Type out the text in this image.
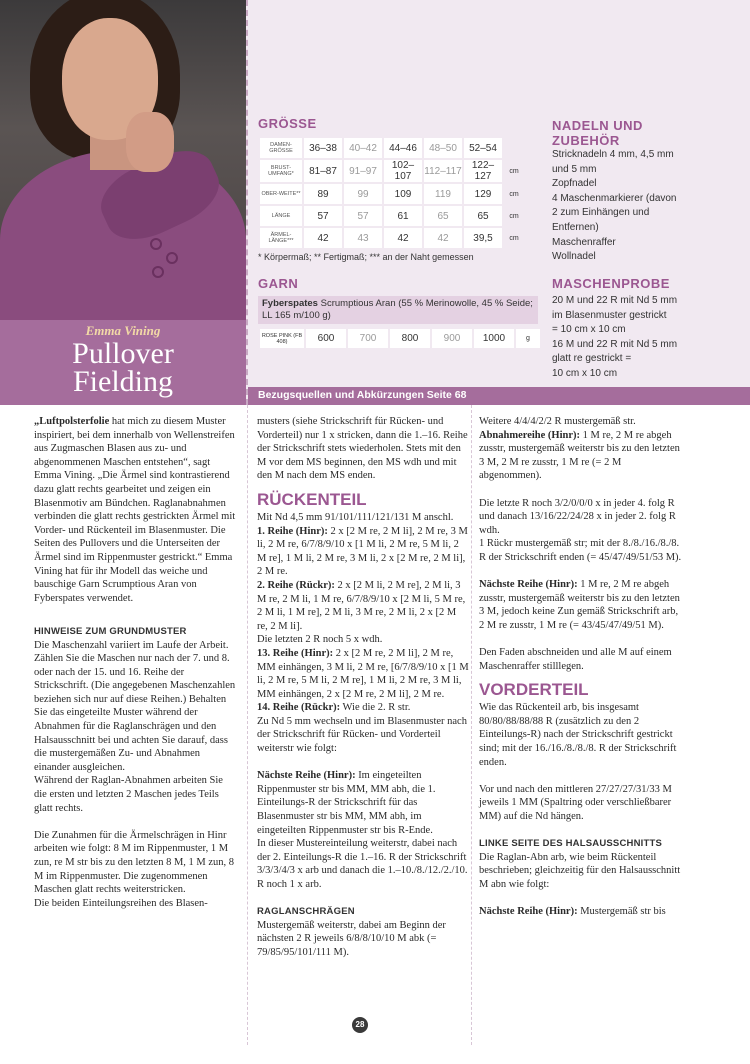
Emma Vining
Pullover
Fielding
GRÖSSE
DAMEN-GRÖSSE	36–38	40–42	44–46	48–50	52–54	
BRUST-UMFANG*	81–87	91–97	102–107	112–117	122–127	cm
OBER-WEITE**	89	99	109	119	129	cm
LÄNGE	57	57	61	65	65	cm
ÄRMEL-LÄNGE***	42	43	42	42	39,5	cm
* Körpermaß; ** Fertigmaß; *** an der Naht gemessen
GARN
Fyberspates Scrumptious Aran (55 % Merinowolle, 45 % Seide; LL 165 m/100 g)
ROSE PINK (FB 408)	600	700	800	900	1000	g
NADELN UND
ZUBEHÖR
Stricknadeln 4 mm, 4,5 mm
und 5 mm
Zopfnadel
4 Maschenmarkierer (davon
2 zum Einhängen und
Entfernen)
Maschenraffer
Wollnadel
MASCHENPROBE
20 M und 22 R mit Nd 5 mm
im Blasenmuster gestrickt
= 10 cm x 10 cm
16 M und 22 R mit Nd 5 mm
glatt re gestrickt =
10 cm x 10 cm
Bezugsquellen und Abkürzungen Seite 68

„Luftpolsterfolie hat mich zu diesem Muster inspiriert, bei dem innerhalb von Wellenstreifen aus Zugmaschen Blasen aus zu- und abgenommenen Maschen entstehen“, sagt Emma Vining. „Die Ärmel sind kontrastierend dazu glatt rechts gearbeitet und zeigen ein Blasenmotiv am Bündchen. Raglanabnahmen verbinden die glatt rechts gestrickten Ärmel mit Vorder- und Rückenteil im Blasenmuster. Die Seiten des Pullovers und die Unterseiten der Ärmel sind im Rippenmuster gestrickt.“ Emma Vining hat für ihr Modell das weiche und bauschige Garn Scrumptious Aran von Fyberspates verwendet.

HINWEISE ZUM GRUNDMUSTER

Die Maschenzahl variiert im Laufe der Arbeit. Zählen Sie die Maschen nur nach der 7. und 8. oder nach der 15. und 16. Reihe der Strickschrift. (Die angegebenen Maschenzahlen beziehen sich nur auf diese Reihen.) Behalten Sie das eingeteilte Muster während der Abnahmen für die Raglanschrägen und den Halsausschnitt bei und achten Sie darauf, dass die mustergemäßen Zu- und Abnahmen einander ausgleichen.

Während der Raglan-Abnahmen arbeiten Sie die ersten und letzten 2 Maschen jedes Teils glatt rechts.

Die Zunahmen für die Ärmelschrägen in Hinr arbeiten wie folgt: 8 M im Rippenmuster, 1 M zun, re M str bis zu den letzten 8 M, 1 M zun, 8 M im Rippenmuster. Die zugenommenen Maschen glatt rechts weiterstricken.

Die beiden Einteilungsreihen des Blasen-

musters (siehe Strickschrift für Rücken- und Vorderteil) nur 1 x stricken, dann die 1.–16. Reihe der Strickschrift stets wiederholen. Stets mit den M vor dem MS beginnen, den MS wdh und mit den M nach dem MS enden.

RÜCKENTEIL

Mit Nd 4,5 mm 91/101/111/121/131 M anschl.

1. Reihe (Hinr): 2 x [2 M re, 2 M li], 2 M re, 3 M li, 2 M re, 6/7/8/9/10 x [1 M li, 2 M re, 5 M li, 2 M re], 1 M li, 2 M re, 3 M li, 2 x [2 M re, 2 M li], 2 M re.

2. Reihe (Rückr): 2 x [2 M li, 2 M re], 2 M li, 3 M re, 2 M li, 1 M re, 6/7/8/9/10 x [2 M li, 5 M re, 2 M li, 1 M re], 2 M li, 3 M re, 2 M li, 2 x [2 M re, 2 M li].

Die letzten 2 R noch 5 x wdh.

13. Reihe (Hinr): 2 x [2 M re, 2 M li], 2 M re, MM einhängen, 3 M li, 2 M re, [6/7/8/9/10 x [1 M li, 2 M re, 5 M li, 2 M re], 1 M li, 2 M re, 3 M li, MM einhängen, 2 x [2 M re, 2 M li], 2 M re.

14. Reihe (Rückr): Wie die 2. R str.

Zu Nd 5 mm wechseln und im Blasenmuster nach der Strickschrift für Rücken- und Vorderteil weiterstr wie folgt:

Nächste Reihe (Hinr): Im eingeteilten Rippenmuster str bis MM, MM abh, die 1. Einteilungs-R der Strickschrift für das Blasenmuster str bis MM, MM abh, im eingeteilten Rippenmuster str bis R-Ende.

In dieser Mustereinteilung weiterstr, dabei nach der 2. Einteilungs-R die 1.–16. R der Strickschrift 3/3/3/4/3 x arb und danach die 1.–10./8./12./2./10. R noch 1 x arb.

RAGLANSCHRÄGEN

Mustergemäß weiterstr, dabei am Beginn der nächsten 2 R jeweils 6/8/8/10/10 M abk (= 79/85/95/101/111 M).

Weitere 4/4/4/2/2 R mustergemäß str.

Abnahmereihe (Hinr): 1 M re, 2 M re abgeh zusstr, mustergemäß weiterstr bis zu den letzten 3 M, 2 M re zusstr, 1 M re (= 2 M abgenommen).

Die letzte R noch 3/2/0/0/0 x in jeder 4. folg R und danach 13/16/22/24/28 x in jeder 2. folg R wdh.

1 Rückr mustergemäß str; mit der 8./8./16./8./8. R der Strickschrift enden (= 45/47/49/51/53 M).

Nächste Reihe (Hinr): 1 M re, 2 M re abgeh zusstr, mustergemäß weiterstr bis zu den letzten 3 M, jedoch keine Zun gemäß Strickschrift arb, 2 M re zusstr, 1 M re (= 43/45/47/49/51 M).

Den Faden abschneiden und alle M auf einem Maschenraffer stilllegen.

VORDERTEIL

Wie das Rückenteil arb, bis insgesamt 80/80/88/88/88 R (zusätzlich zu den 2 Einteilungs-R) nach der Strickschrift gestrickt sind; mit der 16./16./8./8./8. R der Strickschrift enden.

Vor und nach den mittleren 27/27/27/31/33 M jeweils 1 MM (Spaltring oder verschließbarer MM) auf die Nd hängen.

LINKE SEITE DES HALSAUSSCHNITTS

Die Raglan-Abn arb, wie beim Rückenteil beschrieben; gleichzeitig für den Halsausschnitt M abn wie folgt:

Nächste Reihe (Hinr): Mustergemäß str bis

28
